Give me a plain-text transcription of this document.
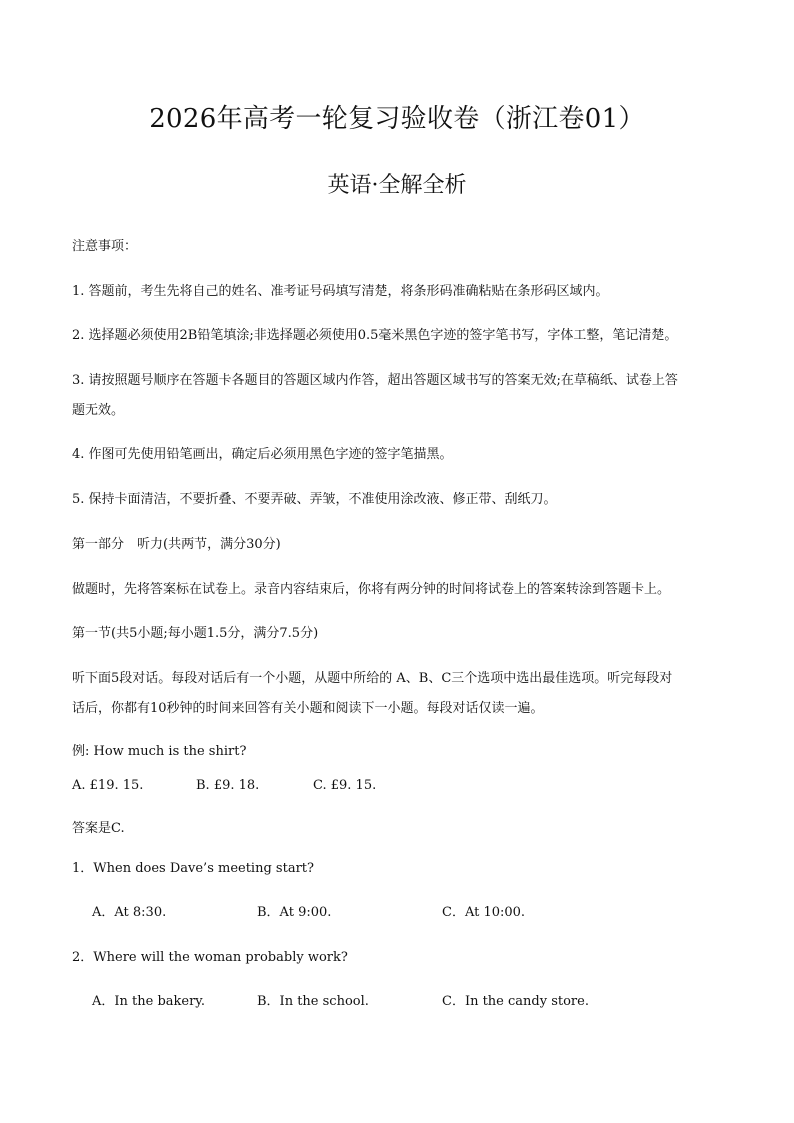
2026年高考一轮复习验收卷（浙江卷01）
英语·全解全析
注意事项：
1. 答题前，考生先将自己的姓名、准考证号码填写清楚，将条形码准确粘贴在条形码区域内。
2. 选择题必须使用2B铅笔填涂;非选择题必须使用0.5毫米黑色字迹的签字笔书写，字体工整，笔记清楚。
3. 请按照题号顺序在答题卡各题目的答题区域内作答，超出答题区域书写的答案无效;在草稿纸、试卷上答
题无效。
4. 作图可先使用铅笔画出，确定后必须用黑色字迹的签字笔描黑。
5. 保持卡面清洁，不要折叠、不要弄破、弄皱，不准使用涂改液、修正带、刮纸刀。
第一部分　听力(共两节，满分30分)
做题时，先将答案标在试卷上。录音内容结束后，你将有两分钟的时间将试卷上的答案转涂到答题卡上。
第一节(共5小题;每小题1.5分，满分7.5分)
听下面5段对话。每段对话后有一个小题，从题中所给的 A、B、C三个选项中选出最佳选项。听完每段对
话后，你都有10秒钟的时间来回答有关小题和阅读下一小题。每段对话仅读一遍。
例: How much is the shirt?
A. £19. 15.	B. £9. 18.	C. £9. 15.
答案是C.
1．When does Dave’s meeting start?
A．At 8:30.	B．At 9:00.	C．At 10:00.
2．Where will the woman probably work?
A．In the bakery.	B．In the school.	C．In the candy store.
